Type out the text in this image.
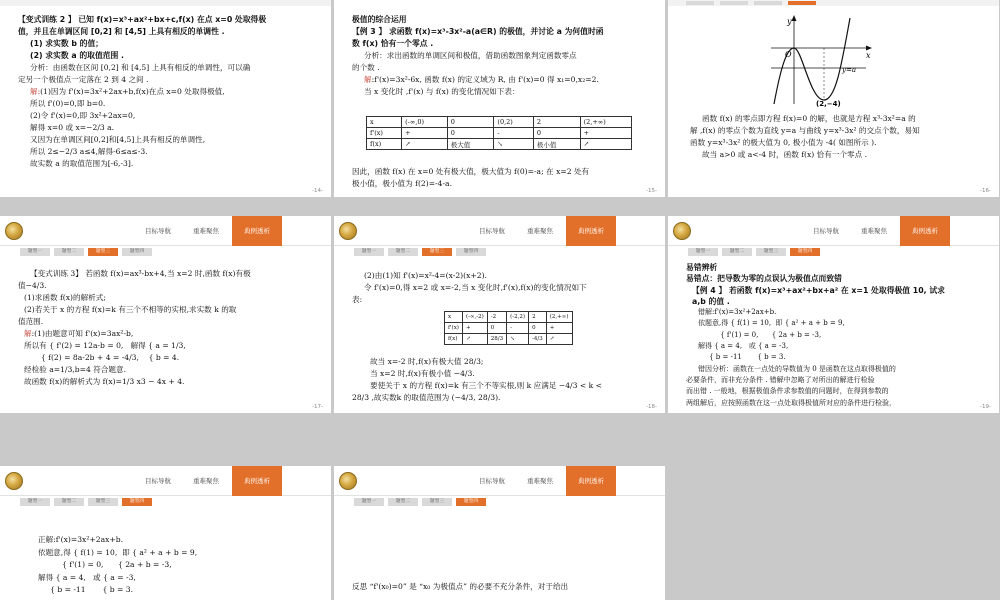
【变式训练 2 】 已知 f(x)=x³+ax²+bx+c,f(x) 在点 x=0 处取得极

值，并且在单调区间 [0,2] 和 [4,5] 上具有相反的单调性 .

(1) 求实数 b 的值；

(2) 求实数 a 的取值范围 .

分析：由函数在区间 [0,2] 和 [4,5] 上具有相反的单调性，可以确

定另一个极值点一定落在 2 到 4 之间 .

解:(1)因为 f'(x)=3x²+2ax+b,f(x)在点 x=0 处取得极值,

所以 f'(0)=0,即 b=0.

(2)令 f'(x)=0,即 3x²+2ax=0,

解得 x=0 或 x=−2/3 a.

又因为在单调区间[0,2]和[4,5]上具有相反的单调性,

所以 2≤−2/3 a≤4,解得-6≤a≤-3.

故实数 a 的取值范围为[-6,-3].

-14-

极值的综合运用

【例 3 】 求函数 f(x)=x³-3x²-a(a∈R) 的极值，并讨论 a 为何值时函

数 f(x) 恰有一个零点 .

分析：求出函数的单调区间和极值，借助函数图象判定函数零点

的个数 .

解:f'(x)=3x²-6x, 函数 f(x) 的定义域为 R, 由 f'(x)=0 得 x₁=0,x₂=2.

当 x 变化时 ,f'(x) 与 f(x) 的变化情况如下表：

x	(-∞,0)	0	(0,2)	2	(2,+∞)
f'(x)	+	0	-	0	+
f(x)	↗	极大值	↘	极小值	↗

因此，函数 f(x) 在 x=0 处有极大值，极大值为 f(0)=-a; 在 x=2 处有

极小值，极小值为 f(2)=-4-a.

-15-
y
x
O
y=a
(2,−4)

函数 f(x) 的零点即方程 f(x)=0 的解，也就是方程 x³-3x²=a 的

解 ,f(x) 的零点个数为直线 y=a 与曲线 y=x³-3x² 的交点个数，易知

函数 y=x³-3x² 的极大值为 0, 极小值为 -4( 如图所示 ).

故当 a>0 或 a<-4 时，函数 f(x) 恰有一个零点 .

-16-
目标导航	重难聚焦	典例透析
题型一	题型二	题型三	题型四

【变式训练 3】 若函数 f(x)=ax³-bx+4,当 x=2 时,函数 f(x)有极

值−4/3.

(1)求函数 f(x)的解析式;

(2)若关于 x 的方程 f(x)=k 有三个不相等的实根,求实数 k 的取

值范围.

解:(1)由题意可知 f'(x)=3ax²-b,

所以有 { f'(2) = 12a-b = 0,   解得 { a = 1/3,

{ f(2) = 8a-2b + 4 = -4/3,    { b = 4.

经检验 a=1/3,b=4 符合题意.

故函数 f(x)的解析式为 f(x)=1/3 x3 − 4x + 4.

-17-
目标导航	重难聚焦	典例透析
题型一	题型二	题型三	题型四

(2)由(1)知 f'(x)=x²-4=(x-2)(x+2).

令 f'(x)=0,得 x=2 或 x=-2,当 x 变化时,f'(x),f(x)的变化情况如下

表:

x	(-∞,-2)	-2	(-2,2)	2	(2,+∞)
f'(x)	+	0	-	0	+
f(x)	↗	28/3	↘	-4/3	↗

故当 x=-2 时,f(x)有极大值 28/3;

当 x=2 时,f(x)有极小值 −4/3.

要使关于 x 的方程 f(x)=k 有三个不等实根,则 k 应满足 −4/3 < k <

28/3 ,故实数k 的取值范围为 (−4/3, 28/3).

-18-
目标导航	重难聚焦	典例透析
题型一	题型二	题型三	题型四

易错辨析

易错点：把导数为零的点误认为极值点而致错

【例 4 】 若函数 f(x)=x³+ax²+bx+a² 在 x=1 处取得极值 10, 试求

a,b 的值 .

错解:f'(x)=3x²+2ax+b.

依题意,得 { f(1) = 10,  即 { a² + a + b = 9,

{ f'(1) = 0,      { 2a + b = -3,

解得 { a = 4,   或 { a = -3,

{ b = -11       { b = 3.

错因分析：函数在一点处的导数值为 0 是函数在这点取得极值的

必要条件，而非充分条件 . 错解中忽略了对所出的解进行检验

而出错 . 一般地，根据极值条件求参数值的问题时，在得到参数的

两组解后，应按照函数在这一点处取得极值所对应的条件进行检验，

-19-
目标导航	重难聚焦	典例透析
题型一	题型二	题型三	题型四

正解:f'(x)=3x²+2ax+b.

依题意,得 { f(1) = 10,  即 { a² + a + b = 9,

{ f'(1) = 0,      { 2a + b = -3,

解得 { a = 4,   或 { a = -3,

{ b = -11       { b = 3.

目标导航	重难聚焦	典例透析
题型一	题型二	题型三	题型四

反思 “f'(x₀)=0” 是 “x₀ 为极值点” 的必要不充分条件，对于给出
